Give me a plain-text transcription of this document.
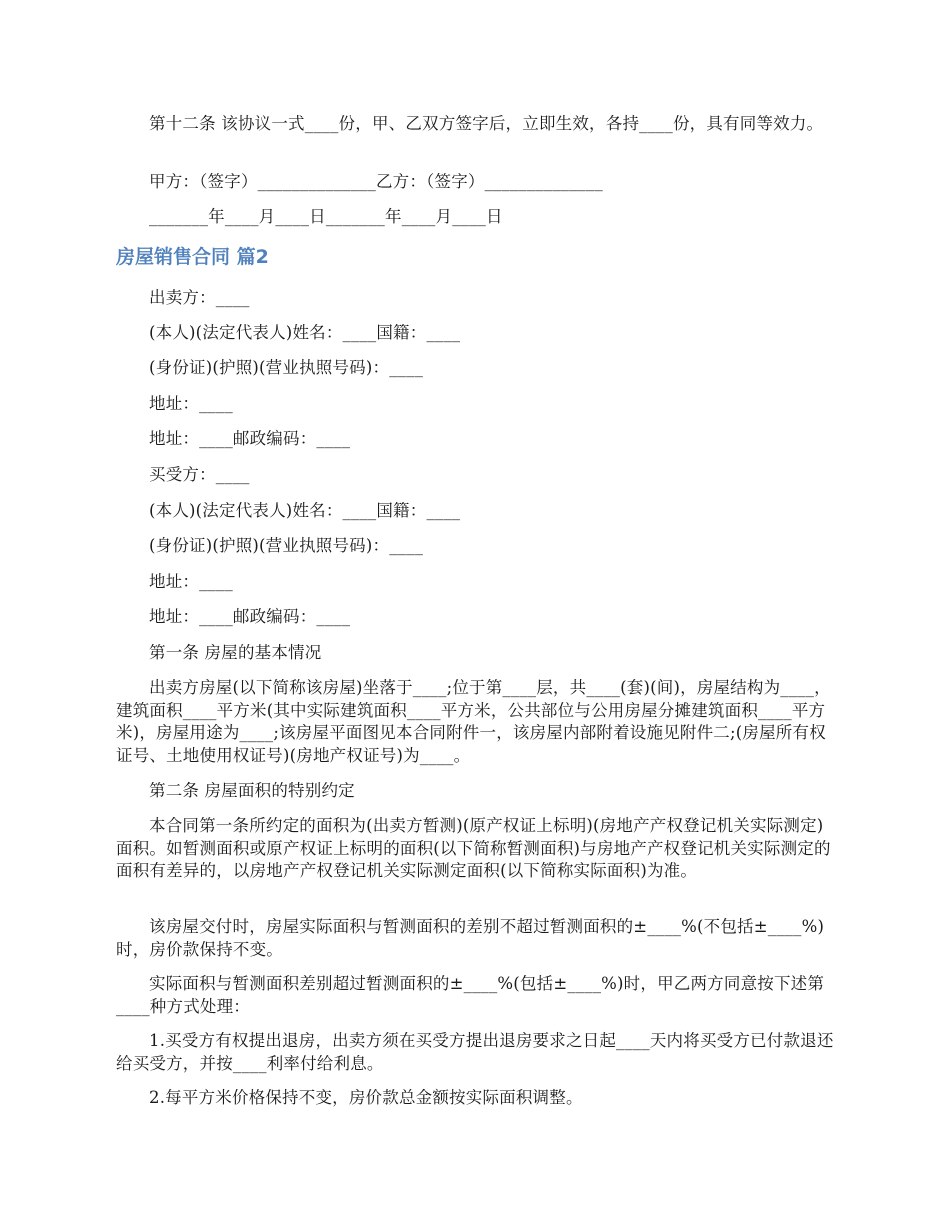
第十二条 该协议一式____份，甲、乙双方签字后，立即生效，各持____份，具有同等效力。

甲方：（签字）______________乙方：（签字）______________

_______年____月____日_______年____月____日

房屋销售合同 篇2

出卖方：____

(本人)(法定代表人)姓名：____国籍：____

(身份证)(护照)(营业执照号码)：____

地址：____

地址：____邮政编码：____

买受方：____

(本人)(法定代表人)姓名：____国籍：____

(身份证)(护照)(营业执照号码)：____

地址：____

地址：____邮政编码：____

第一条 房屋的基本情况

出卖方房屋(以下简称该房屋)坐落于____;位于第____层，共____(套)(间)，房屋结构为____，建筑面积____平方米(其中实际建筑面积____平方米，公共部位与公用房屋分摊建筑面积____平方米)，房屋用途为____;该房屋平面图见本合同附件一，该房屋内部附着设施见附件二;(房屋所有权证号、土地使用权证号)(房地产权证号)为____。

第二条 房屋面积的特别约定

本合同第一条所约定的面积为(出卖方暂测)(原产权证上标明)(房地产产权登记机关实际测定)面积。如暂测面积或原产权证上标明的面积(以下简称暂测面积)与房地产产权登记机关实际测定的面积有差异的，以房地产产权登记机关实际测定面积(以下简称实际面积)为准。

该房屋交付时，房屋实际面积与暂测面积的差别不超过暂测面积的±____%(不包括±____%)时，房价款保持不变。

实际面积与暂测面积差别超过暂测面积的±____%(包括±____%)时，甲乙两方同意按下述第____种方式处理：

1.买受方有权提出退房，出卖方须在买受方提出退房要求之日起____天内将买受方已付款退还给买受方，并按____利率付给利息。

2.每平方米价格保持不变，房价款总金额按实际面积调整。
